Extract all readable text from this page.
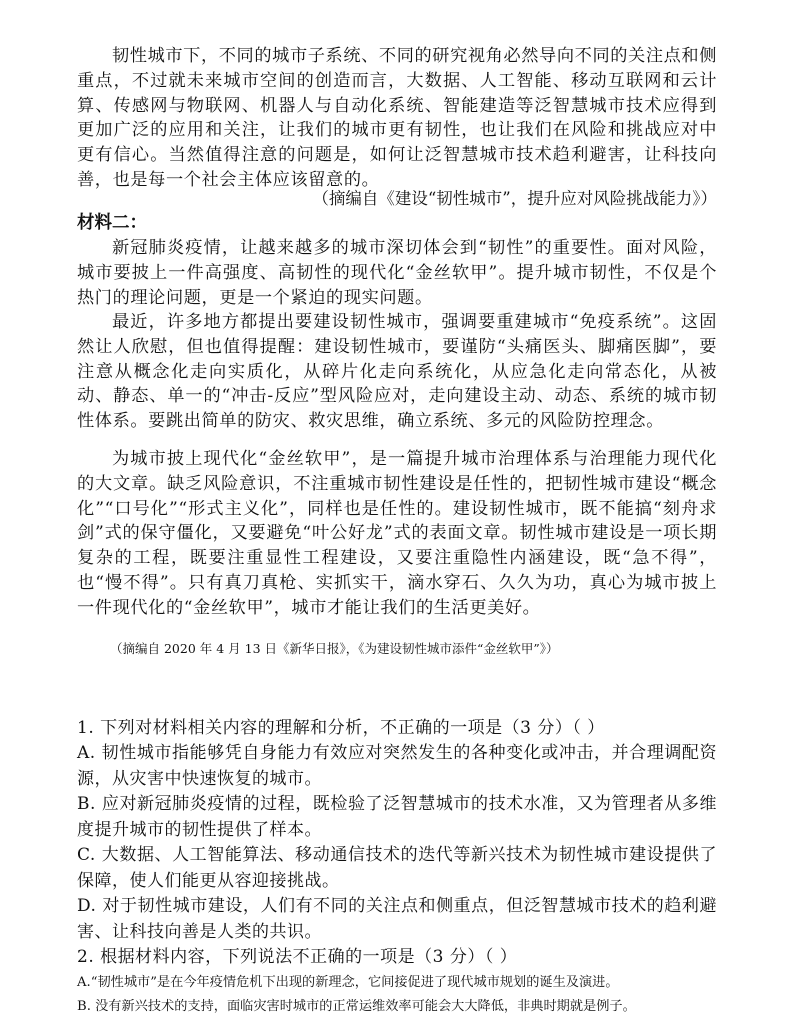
韧性城市下，不同的城市子系统、不同的研究视角必然导向不同的关注点和侧重点，不过就未来城市空间的创造而言，大数据、人工智能、移动互联网和云计算、传感网与物联网、机器人与自动化系统、智能建造等泛智慧城市技术应得到更加广泛的应用和关注，让我们的城市更有韧性，也让我们在风险和挑战应对中更有信心。当然值得注意的问题是，如何让泛智慧城市技术趋利避害，让科技向善，也是每一个社会主体应该留意的。

（摘编自《建设“韧性城市”，提升应对风险挑战能力》）
材料二：

新冠肺炎疫情，让越来越多的城市深切体会到“韧性”的重要性。面对风险，城市要披上一件高强度、高韧性的现代化“金丝软甲”。提升城市韧性，不仅是个热门的理论问题，更是一个紧迫的现实问题。

最近，许多地方都提出要建设韧性城市，强调要重建城市“免疫系统”。这固然让人欣慰，但也值得提醒：建设韧性城市，要谨防“头痛医头、脚痛医脚”，要注意从概念化走向实质化，从碎片化走向系统化，从应急化走向常态化，从被动、静态、单一的“冲击-反应”型风险应对，走向建设主动、动态、系统的城市韧性体系。要跳出简单的防灾、救灾思维，确立系统、多元的风险防控理念。

为城市披上现代化“金丝软甲”，是一篇提升城市治理体系与治理能力现代化的大文章。缺乏风险意识，不注重城市韧性建设是任性的，把韧性城市建设“概念化”“口号化”“形式主义化”，同样也是任性的。建设韧性城市，既不能搞“刻舟求剑”式的保守僵化，又要避免“叶公好龙”式的表面文章。韧性城市建设是一项长期复杂的工程，既要注重显性工程建设，又要注重隐性内涵建设，既“急不得”，也“慢不得”。只有真刀真枪、实抓实干，滴水穿石、久久为功，真心为城市披上一件现代化的“金丝软甲”，城市才能让我们的生活更美好。

（摘编自 2020 年 4 月 13 日《新华日报》，《为建设韧性城市添件“金丝软甲”》）

1. 下列对材料相关内容的理解和分析，不正确的一项是（3 分）（ ）

A. 韧性城市指能够凭自身能力有效应对突然发生的各种变化或冲击，并合理调配资源，从灾害中快速恢复的城市。

B. 应对新冠肺炎疫情的过程，既检验了泛智慧城市的技术水准，又为管理者从多维度提升城市的韧性提供了样本。

C. 大数据、人工智能算法、移动通信技术的迭代等新兴技术为韧性城市建设提供了保障，使人们能更从容迎接挑战。

D. 对于韧性城市建设，人们有不同的关注点和侧重点，但泛智慧城市技术的趋利避害、让科技向善是人类的共识。

2. 根据材料内容，下列说法不正确的一项是（3 分）（ ）

A.“韧性城市”是在今年疫情危机下出现的新理念，它间接促进了现代城市规划的诞生及演进。
B. 没有新兴技术的支持，面临灾害时城市的正常运维效率可能会大大降低，非典时期就是例子。
